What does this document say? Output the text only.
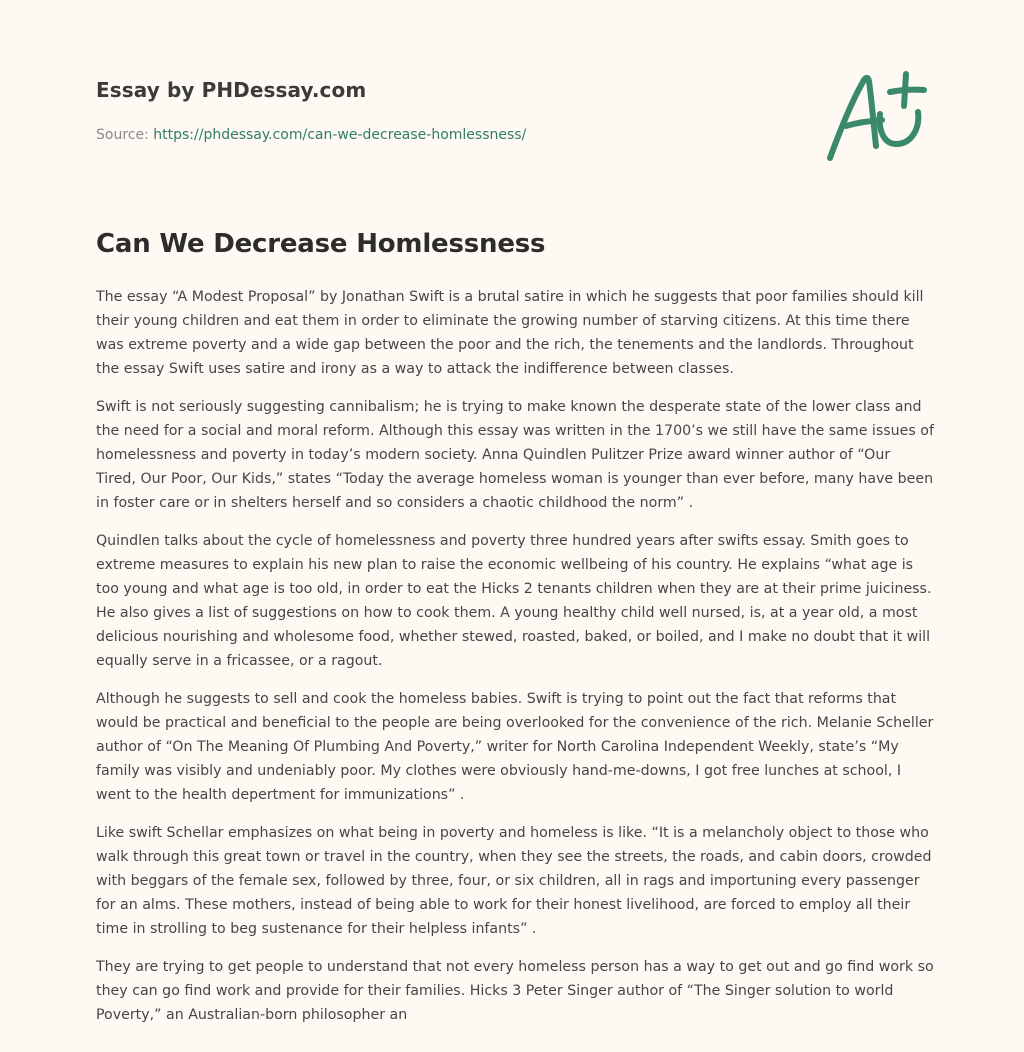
Essay by PHDessay.com
Source: https://phdessay.com/can-we-decrease-homlessness/
Can We Decrease Homlessness

The essay “A Modest Proposal” by Jonathan Swift is a brutal satire in which he suggests that poor families should kill their young children and eat them in order to eliminate the growing number of starving citizens. At this time there was extreme poverty and a wide gap between the poor and the rich, the tenements and the landlords. Throughout the essay Swift uses satire and irony as a way to attack the indifference between classes.

Swift is not seriously suggesting cannibalism; he is trying to make known the desperate state of the lower class and the need for a social and moral reform. Although this essay was written in the 1700’s we still have the same issues of homelessness and poverty in today’s modern society. Anna Quindlen Pulitzer Prize award winner author of “Our Tired, Our Poor, Our Kids,” states “Today the average homeless woman is younger than ever before, many have been in foster care or in shelters herself and so considers a chaotic childhood the norm” .

Quindlen talks about the cycle of homelessness and poverty three hundred years after swifts essay. Smith goes to extreme measures to explain his new plan to raise the economic wellbeing of his country. He explains “what age is too young and what age is too old, in order to eat the Hicks 2 tenants children when they are at their prime juiciness. He also gives a list of suggestions on how to cook them. A young healthy child well nursed, is, at a year old, a most delicious nourishing and wholesome food, whether stewed, roasted, baked, or boiled, and I make no doubt that it will equally serve in a fricassee, or a ragout.

Although he suggests to sell and cook the homeless babies. Swift is trying to point out the fact that reforms that would be practical and beneficial to the people are being overlooked for the convenience of the rich. Melanie Scheller author of “On The Meaning Of Plumbing And Poverty,” writer for North Carolina Independent Weekly, state’s “My family was visibly and undeniably poor. My clothes were obviously hand-me-downs, I got free lunches at school, I went to the health depertment for immunizations” .

Like swift Schellar emphasizes on what being in poverty and homeless is like. “It is a melancholy object to those who walk through this great town or travel in the country, when they see the streets, the roads, and cabin doors, crowded with beggars of the female sex, followed by three, four, or six children, all in rags and importuning every passenger for an alms. These mothers, instead of being able to work for their honest livelihood, are forced to employ all their time in strolling to beg sustenance for their helpless infants” .

They are trying to get people to understand that not every homeless person has a way to get out and go find work so they can go find work and provide for their families. Hicks 3 Peter Singer author of “The Singer solution to world Poverty,” an Australian-born philosopher an
